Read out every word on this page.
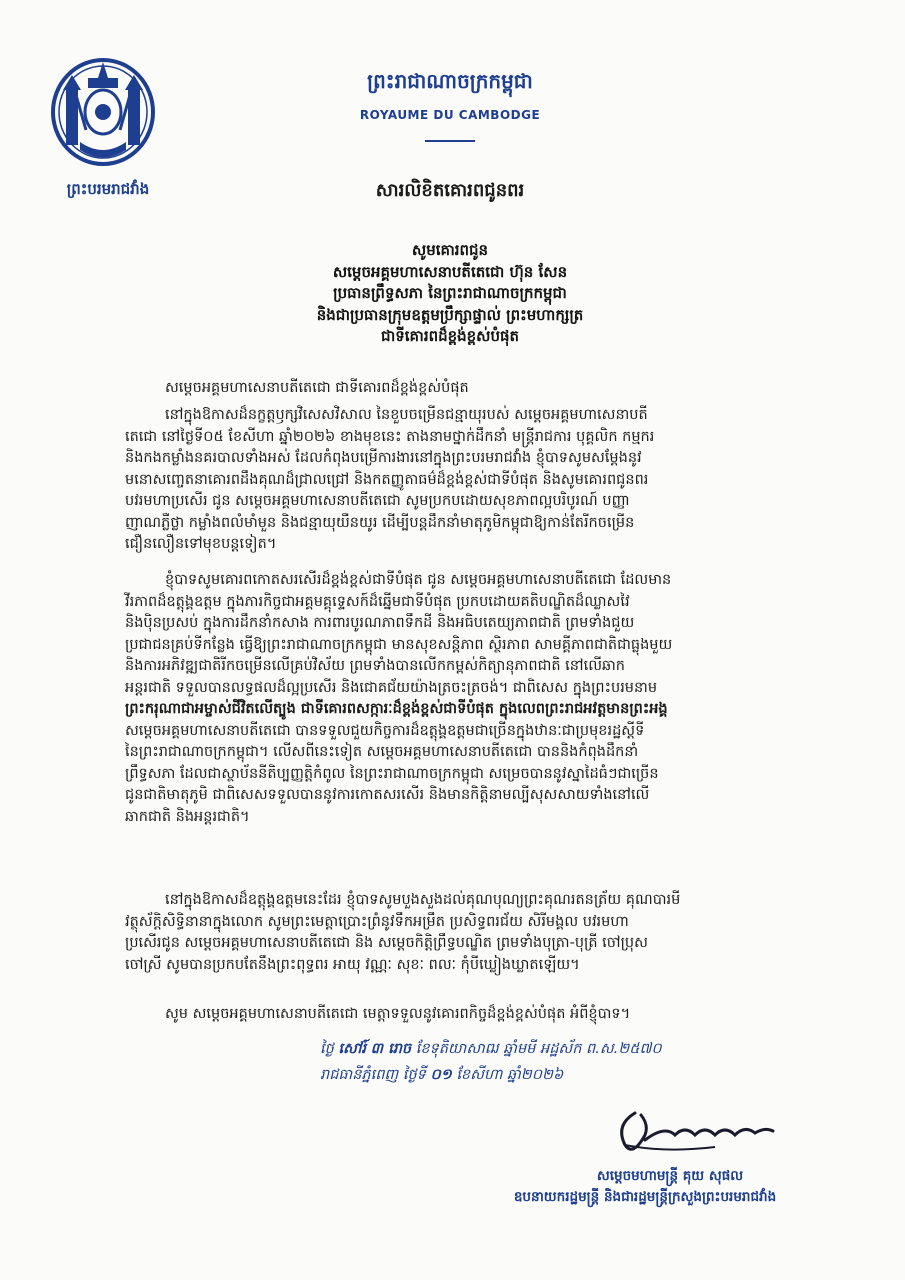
ព្រះបរមរាជវាំង
ព្រះរាជាណាចក្រកម្ពុជា
ROYAUME DU CAMBODGE
សារលិខិតគោរពជូនពរ
សូមគោរពជូន
សម្តេចអគ្គមហាសេនាបតីតេជោ ហ៊ុន សែន
ប្រធានព្រឹទ្ធសភា នៃព្រះរាជាណាចក្រកម្ពុជា
និងជាប្រធានក្រុមឧត្តមប្រឹក្សាផ្ទាល់ ព្រះមហាក្សត្រ
ជាទីគោរពដ៏ខ្ពង់ខ្ពស់បំផុត
សម្តេចអគ្គមហាសេនាបតីតេជោ ជាទីគោរពដ៏ខ្ពង់ខ្ពស់បំផុត
នៅក្នុងឱកាសដ៏នក្ខត្តឫក្សវិសេសវិសាល នៃខួបចម្រើនជន្មាយុរបស់ សម្តេចអគ្គមហាសេនាបតី
តេជោ នៅថ្ងៃទី០៥ ខែសីហា ឆ្នាំ២០២៦ ខាងមុខនេះ តាងនាមថ្នាក់ដឹកនាំ មន្ត្រីរាជការ បុគ្គលិក កម្មករ
និងកងកម្លាំងនគរបាលទាំងអស់ ដែលកំពុងបម្រើការងារនៅក្នុងព្រះបរមរាជវាំង ខ្ញុំបាទសូមសម្តែងនូវ
មនោសញ្ចេតនាគោរពដឹងគុណដ៏ជ្រាលជ្រៅ និងកតញ្ញូតាធម៌ដ៏ខ្ពង់ខ្ពស់ជាទីបំផុត និងសូមគោរពជូនពរ
បវរមហាប្រសើរ ជូន សម្តេចអគ្គមហាសេនាបតីតេជោ សូមប្រកបដោយសុខភាពល្អបរិបូរណ៍ បញ្ញា
ញាណភ្លឺថ្លា កម្លាំងពលំមាំមួន និងជន្មាយុយឺនយូរ ដើម្បីបន្តដឹកនាំមាតុភូមិកម្ពុជាឱ្យកាន់តែរីកចម្រើន
ជឿនលឿនទៅមុខបន្តទៀត។
ខ្ញុំបាទសូមគោរពកោតសរសើរដ៏ខ្ពង់ខ្ពស់ជាទីបំផុត ជូន សម្តេចអគ្គមហាសេនាបតីតេជោ ដែលមាន
វីរភាពដ៏ឧត្តុង្គឧត្តម ក្នុងភារកិច្ចជាអគ្គមគ្គុទ្ទេសក៍ដ៏ឆ្នើមជាទីបំផុត ប្រកបដោយគតិបណ្ឌិតដ៏ឈ្លាសវៃ
និងប៉ិនប្រសប់ ក្នុងការដឹកនាំកសាង ការពារបូរណភាពទឹកដី និងអធិបតេយ្យភាពជាតិ ព្រមទាំងជួយ
ប្រជាជនគ្រប់ទីកន្លែង ធ្វើឱ្យព្រះរាជាណាចក្រកម្ពុជា មានសុខសន្តិភាព ស្ថិរភាព សាមគ្គីភាពជាតិជាធ្លុងមួយ
និងការអភិវឌ្ឍជាតិរីកចម្រើនលើគ្រប់វិស័យ ព្រមទាំងបានលើកកម្ពស់កិត្យានុភាពជាតិ នៅលើឆាក
អន្តរជាតិ ទទួលបានលទ្ធផលដ៏ល្អប្រសើរ និងជោគជ័យយ៉ាងត្រចះត្រចង់។ ជាពិសេស ក្នុងព្រះបរមនាម
ព្រះករុណាជាអម្ចាស់ជីវិតលើត្បូង ជាទីគោរពសក្ការៈដ៏ខ្ពង់ខ្ពស់ជាទីបំផុត ក្នុងលេពព្រះរាជអវត្តមានព្រះអង្គ
សម្តេចអគ្គមហាសេនាបតីតេជោ បានទទួលជួយកិច្ចការដ៏ឧត្តុង្គឧត្តមជាច្រើនក្នុងឋានៈជាប្រមុខរដ្ឋស្តីទី
នៃព្រះរាជាណាចក្រកម្ពុជា។ លើសពីនេះទៀត សម្តេចអគ្គមហាសេនាបតីតេជោ បាននិងកំពុងដឹកនាំ
ព្រឹទ្ធសភា ដែលជាស្ថាប័ននីតិប្បញ្ញត្តិកំពូល នៃព្រះរាជាណាចក្រកម្ពុជា សម្រេចបាននូវស្នាដៃធំៗជាច្រើន
ជូនជាតិមាតុភូមិ ជាពិសេសទទួលបាននូវការកោតសរសើរ និងមានកិត្តិនាមល្បីសុសសាយទាំងនៅលើ
ឆាកជាតិ និងអន្តរជាតិ។
នៅក្នុងឱកាសដ៏ឧត្តុង្គឧត្តមនេះដែរ ខ្ញុំបាទសូមបួងសួងដល់គុណបុណ្យព្រះគុណរតនត្រ័យ គុណបារមី
វត្ថុស័ក្តិសិទ្ធិនានាក្នុងលោក សូមព្រះមេត្តាប្រោះព្រំនូវទឹកអម្រឹត ប្រសិទ្ធពរជ័យ សិរីមង្គល បវរមហា
ប្រសើរជូន សម្តេចអគ្គមហាសេនាបតីតេជោ និង សម្តេចកិត្តិព្រឹទ្ធបណ្ឌិត ព្រមទាំងបុត្រា-បុត្រី ចៅប្រុស
ចៅស្រី សូមបានប្រកបតែនឹងព្រះពុទ្ធពរ អាយុ វណ្ណៈ សុខៈ ពលៈ កុំបីឃ្លៀងឃ្លាតឡើយ។
សូម សម្តេចអគ្គមហាសេនាបតីតេជោ មេត្តាទទួលនូវគោរពកិច្ចដ៏ខ្ពង់ខ្ពស់បំផុត អំពីខ្ញុំបាទ។
ថ្ងៃ សៅរ៍ ៣ រោច ខែទុតិយាសាឍ ឆ្នាំមមី អដ្ឋស័ក ព.ស.២៥៧០
រាជធានីភ្នំពេញ ថ្ងៃទី ០១ ខែសីហា ឆ្នាំ២០២៦
សម្តេចមហាមន្ត្រី គុយ សុផល
ឧបនាយករដ្ឋមន្ត្រី និងជារដ្ឋមន្ត្រីក្រសួងព្រះបរមរាជវាំង
